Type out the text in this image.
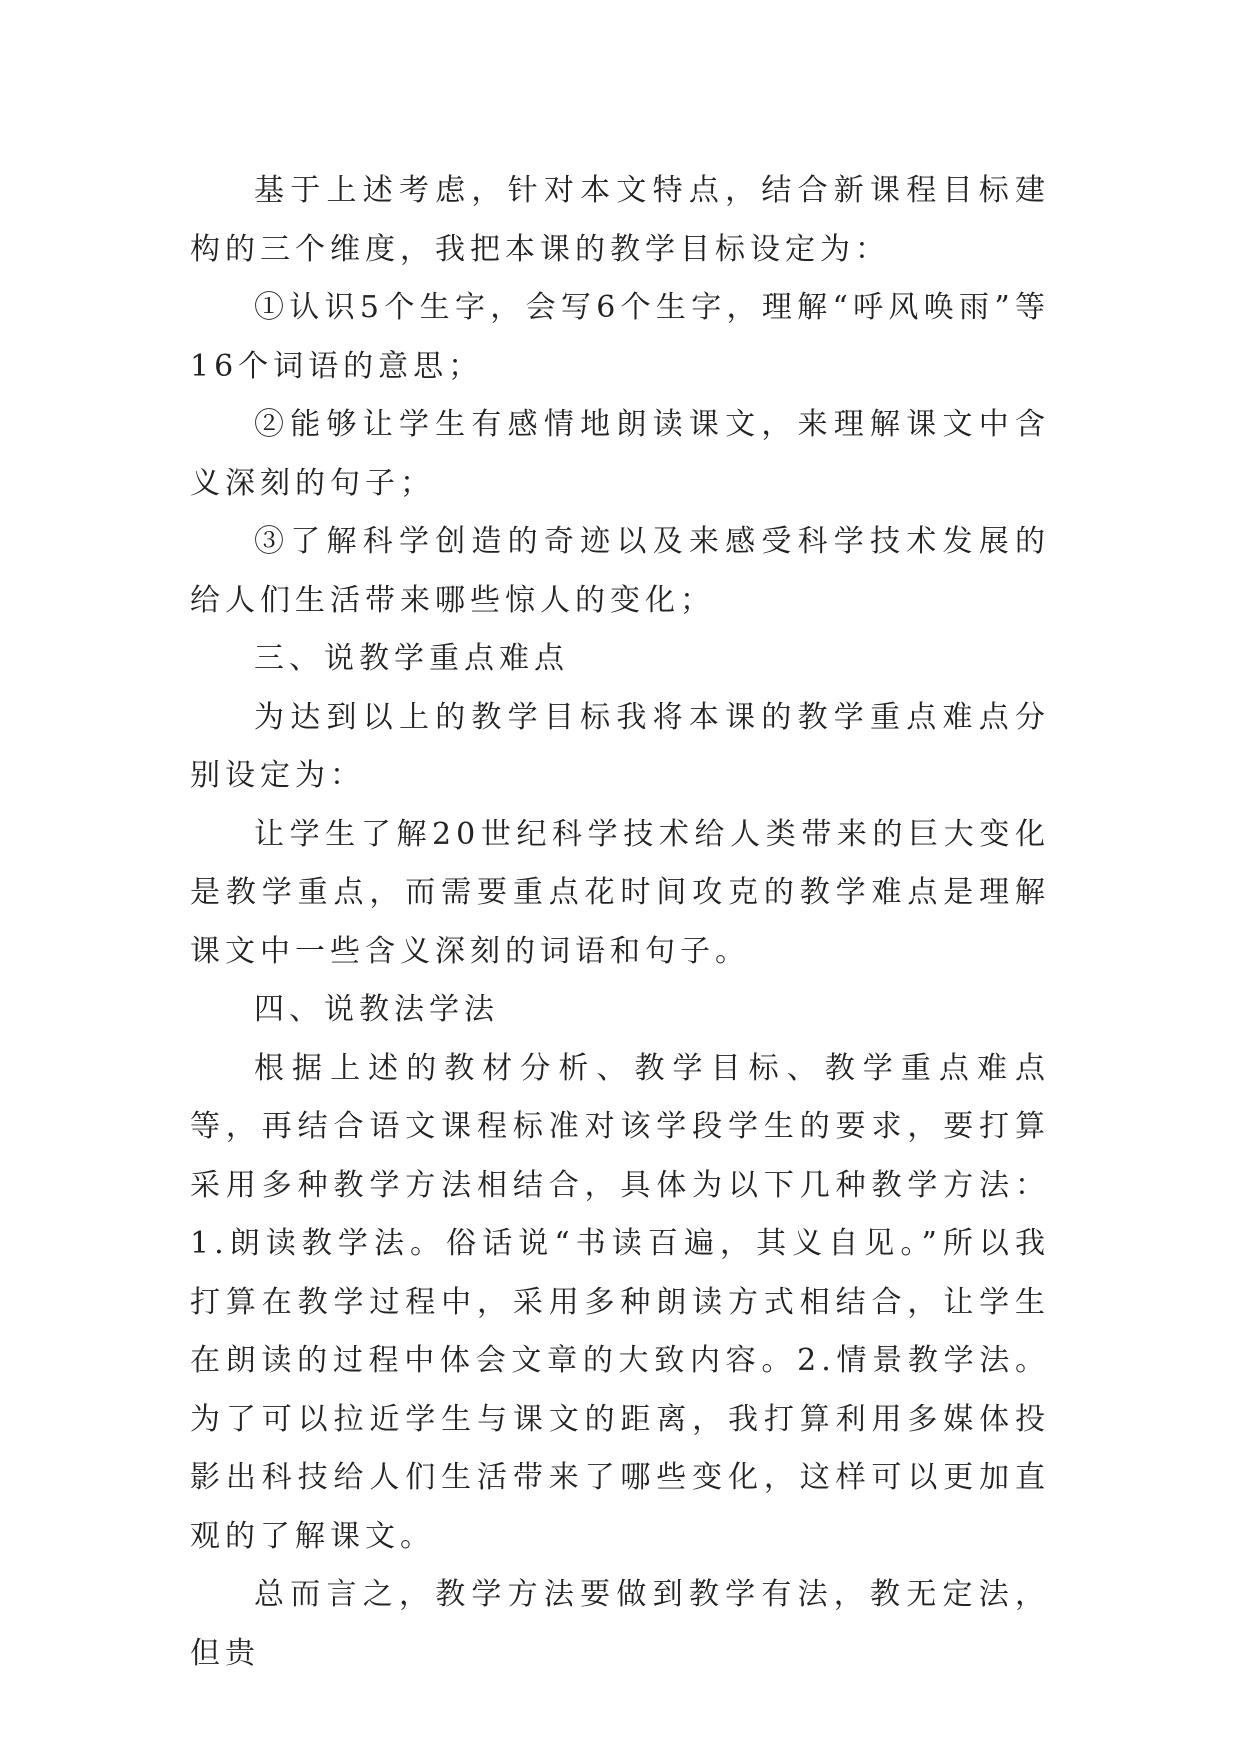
基于上述考虑，针对本文特点，结合新课程目标建构的三个维度，我把本课的教学目标设定为：

①认识5个生字，会写6个生字，理解“呼风唤雨”等16个词语的意思；

②能够让学生有感情地朗读课文，来理解课文中含义深刻的句子；

③了解科学创造的奇迹以及来感受科学技术发展的给人们生活带来哪些惊人的变化；

三、说教学重点难点

为达到以上的教学目标我将本课的教学重点难点分别设定为：

让学生了解20世纪科学技术给人类带来的巨大变化是教学重点，而需要重点花时间攻克的教学难点是理解课文中一些含义深刻的词语和句子。

四、说教法学法

根据上述的教材分析、教学目标、教学重点难点等，再结合语文课程标准对该学段学生的要求，要打算采用多种教学方法相结合，具体为以下几种教学方法：1.朗读教学法。俗话说“书读百遍，其义自见。”所以我打算在教学过程中，采用多种朗读方式相结合，让学生在朗读的过程中体会文章的大致内容。2.情景教学法。为了可以拉近学生与课文的距离，我打算利用多媒体投影出科技给人们生活带来了哪些变化，这样可以更加直观的了解课文。

总而言之，教学方法要做到教学有法，教无定法，但贵
